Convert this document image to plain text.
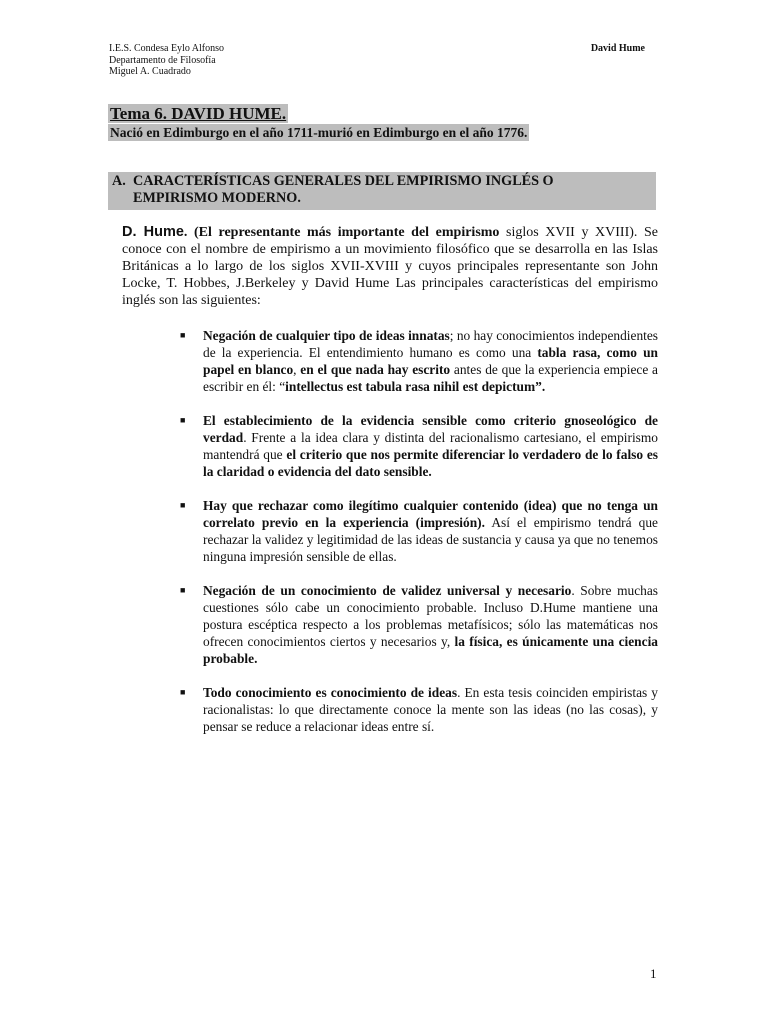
I.E.S. Condesa Eylo Alfonso
Departamento de Filosofía
Miguel A. Cuadrado
David Hume
Tema 6. DAVID HUME.
Nació en Edimburgo en el año 1711-murió en Edimburgo en el año 1776.
A. CARACTERÍSTICAS GENERALES DEL EMPIRISMO INGLÉS O
EMPIRISMO MODERNO.

D. Hume. (El representante más importante del empirismo siglos XVII y XVIII). Se conoce con el nombre de empirismo a un movimiento filosófico que se desarrolla en las Islas Británicas a lo largo de los siglos XVII-XVIII y cuyos principales representante son John Locke, T. Hobbes, J.Berkeley y David Hume Las principales características del empirismo inglés son las siguientes:

■ Negación de cualquier tipo de ideas innatas; no hay conocimientos independientes de la experiencia. El entendimiento humano es como una tabla rasa, como un papel en blanco, en el que nada hay escrito antes de que la experiencia empiece a escribir en él: “intellectus est tabula rasa nihil est depictum”.
■ El establecimiento de la evidencia sensible como criterio gnoseológico de verdad. Frente a la idea clara y distinta del racionalismo cartesiano, el empirismo mantendrá que el criterio que nos permite diferenciar lo verdadero de lo falso es la claridad o evidencia del dato sensible.
■ Hay que rechazar como ilegítimo cualquier contenido (idea) que no tenga un correlato previo en la experiencia (impresión). Así el empirismo tendrá que rechazar la validez y legitimidad de las ideas de sustancia y causa ya que no tenemos ninguna impresión sensible de ellas.
■ Negación de un conocimiento de validez universal y necesario. Sobre muchas cuestiones sólo cabe un conocimiento probable. Incluso D.Hume mantiene una postura escéptica respecto a los problemas metafísicos; sólo las matemáticas nos ofrecen conocimientos ciertos y necesarios y, la física, es únicamente una ciencia probable.
■ Todo conocimiento es conocimiento de ideas. En esta tesis coinciden empiristas y racionalistas: lo que directamente conoce la mente son las ideas (no las cosas), y pensar se reduce a relacionar ideas entre sí.
1
